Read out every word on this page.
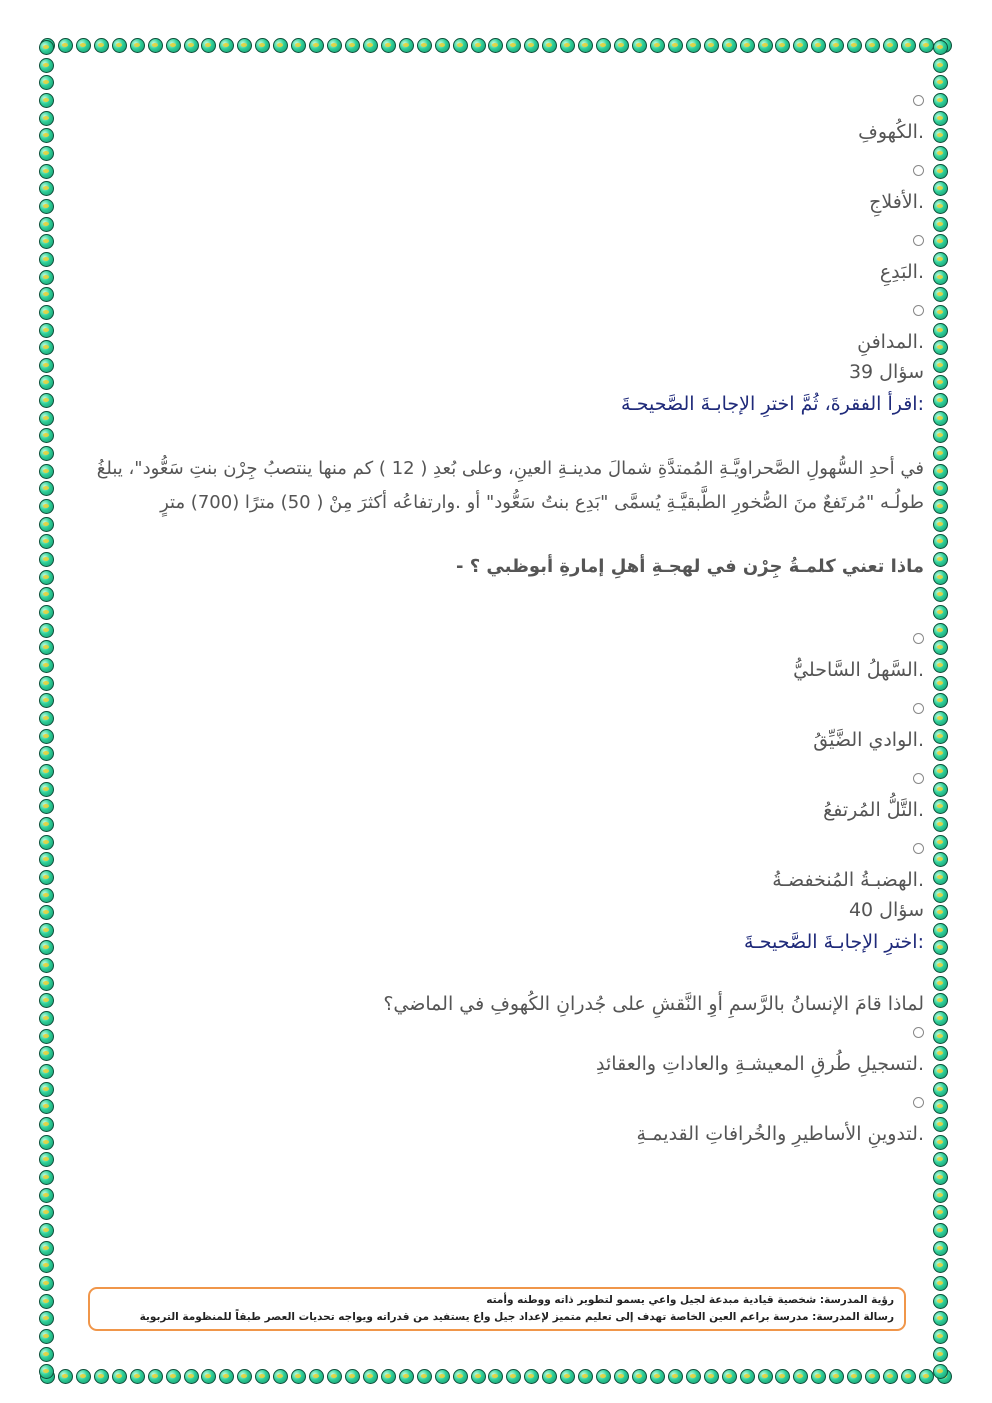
.الكُهوفِ
.الأفلاجِ
.البَدِعِ
.المدافنِ
سؤال 39
:اقرأ الفقرةَ، ثُمَّ اخترِ الإجابـةَ الصَّحيحـةَ
في أحدِ السُّهولِ الصَّحراويَّـةِ المُمتدَّةِ شمالَ مدينـةِ العينِ، وعلى بُعدِ ( 12 ) كم منها ينتصبُ جِرْن بنتِ سَعُّود"، يبلغُ طولُـه "مُرتَفعٌ منَ الصُّخورِ الطَّبقيَّـةِ يُسمَّى "بَدِع بنتُ سَعُّود" أو .وارتفاعُه أكثرَ مِنْ ( 50) مترًا (700) مترٍ
ماذا تعني كلمـةُ جِرْن في لهجـةِ أهلِ إمارةِ أبوظبي ؟ -
.السَّهلُ السَّاحليُّ
.الوادي الضَّيِّقُ
.التَّلُّ المُرتفعُ
.الهضبـةُ المُنخفضـةُ
سؤال 40
:اخترِ الإجابـةَ الصَّحيحـةَ
لماذا قامَ الإنسانُ بالرَّسمِ أوِ النَّقشِ على جُدرانِ الكُهوفِ في الماضي؟
.لتسجيلِ طُرقِ المعيشـةِ والعاداتِ والعقائدِ
.لتدوينِ الأساطيرِ والخُرافاتِ القديمـةِ
رؤية المدرسة: شخصية قيادية مبدعة لجيل واعي يسمو لتطوير ذاته ووطنه وأمته
رسالة المدرسة: مدرسة براعم العين الخاصة تهدف إلى تعليم متميز لإعداد جيل واع يستفيد من قدراته ويواجه تحديات العصر طبقاً للمنظومة التربوية
